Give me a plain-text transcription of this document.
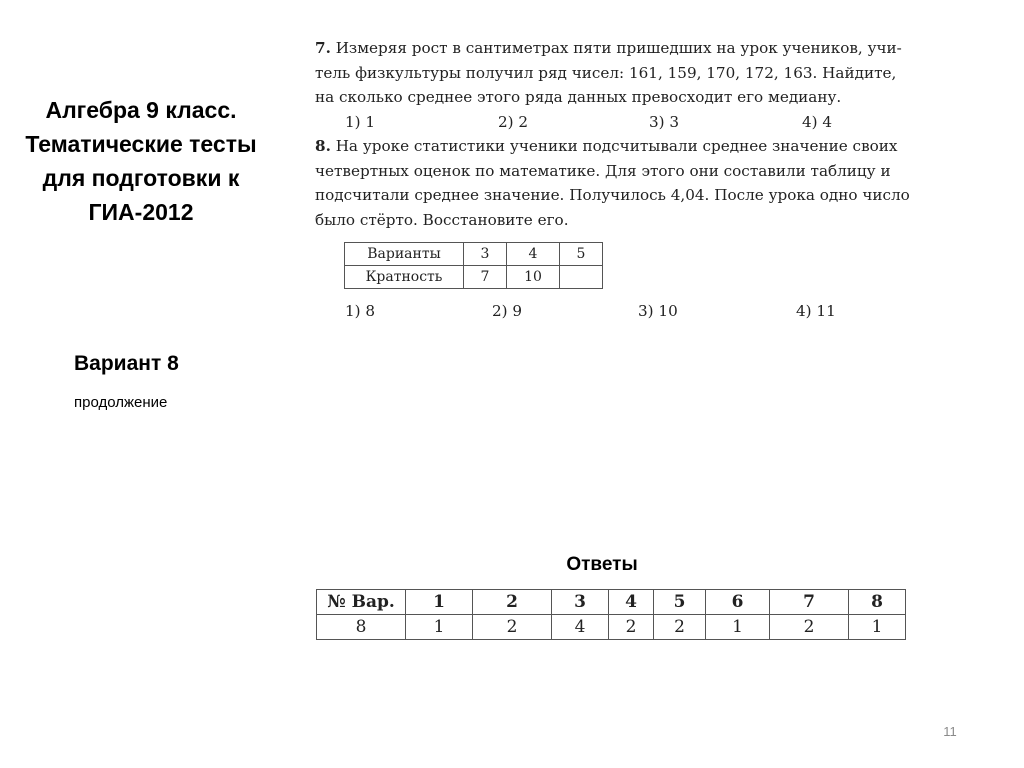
Алгебра 9 класс.
Тематические тесты
для подготовки к
ГИА-2012
Вариант 8
продолжение
7. Измеряя рост в сантиметрах пяти пришедших на урок учеников, учи-
тель физкультуры получил ряд чисел: 161, 159, 170, 172, 163. Найдите,
на сколько среднее этого ряда данных превосходит его медиану.
1) 1	2) 2	3) 3	4) 4
8. На уроке статистики ученики подсчитывали среднее значение своих
четвертных оценок по математике. Для этого они составили таблицу и
подсчитали среднее значение. Получилось 4,04. После урока одно число
было стёрто. Восстановите его.
Варианты	3	4	5
Кратность	7	10	
1) 8	2) 9	3) 10	4) 11
Ответы
№ Вар.	1	2	3	4	5	6	7	8
8	1	2	4	2	2	1	2	1
11
